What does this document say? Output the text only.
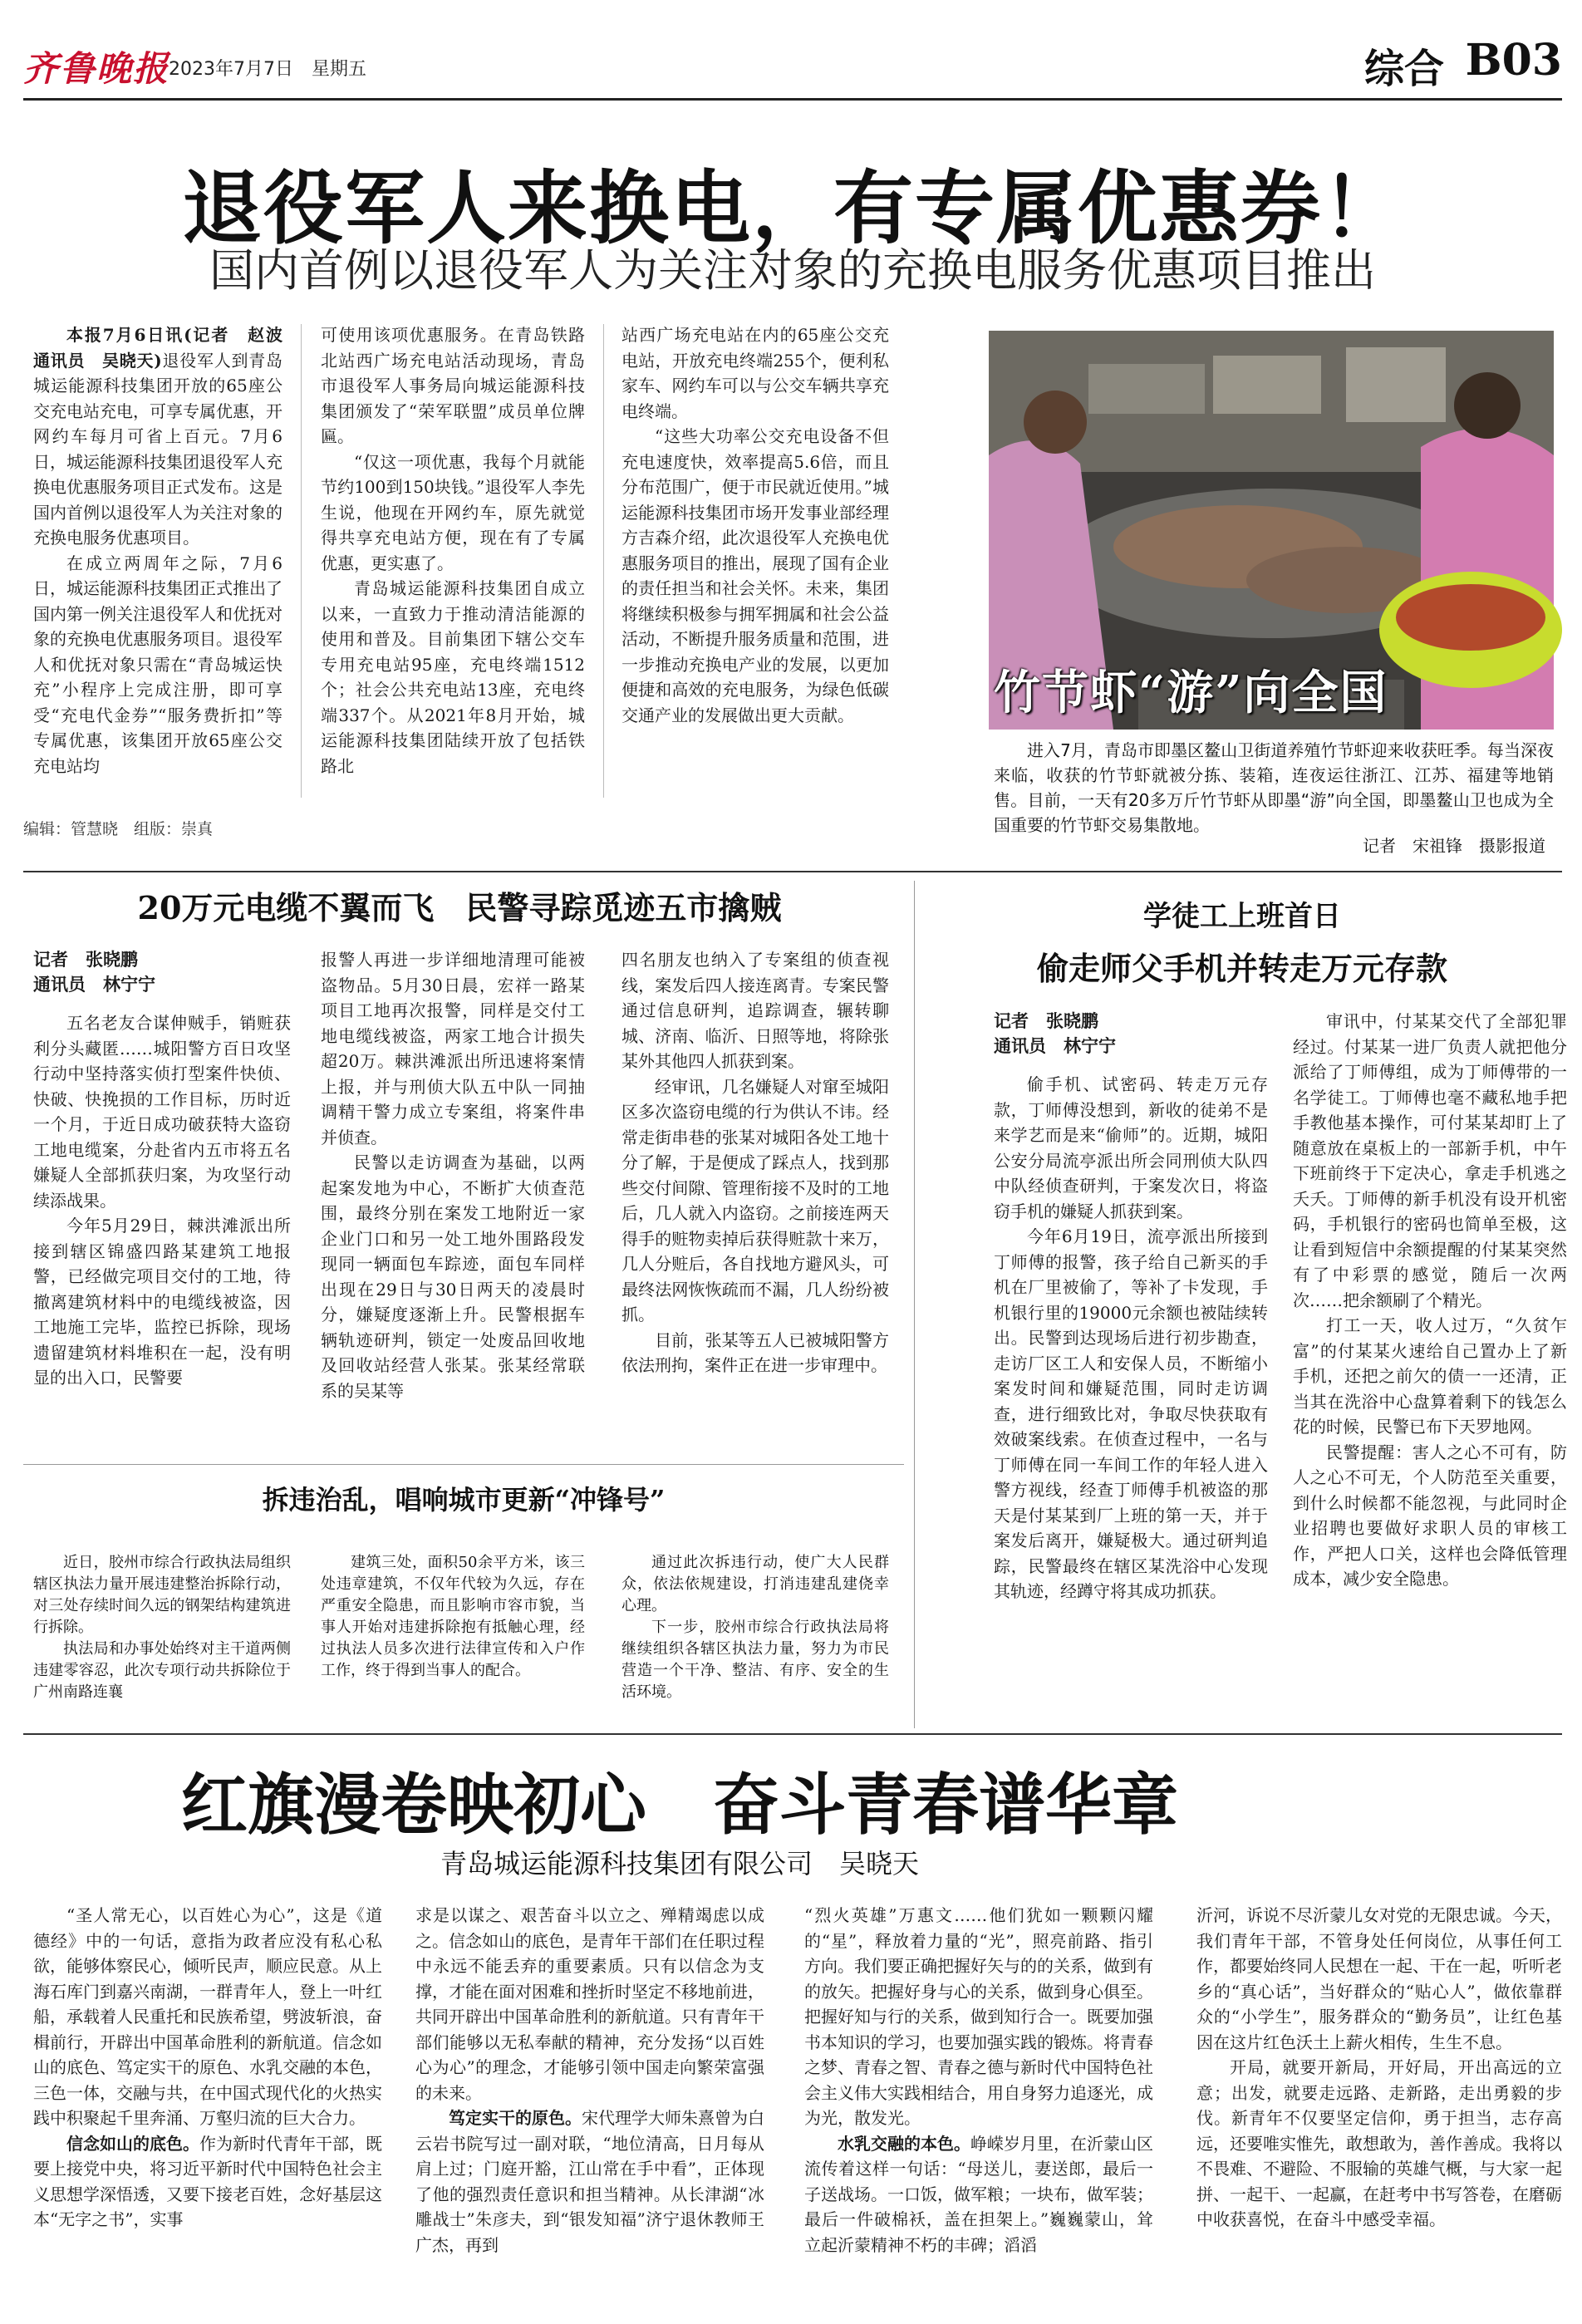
齐鲁晚报
2023年7月7日　星期五	综合 B03
退役军人来换电，有专属优惠券！
国内首例以退役军人为关注对象的充换电服务优惠项目推出

本报7月6日讯(记者　赵波　通讯员　吴晓天)退役军人到青岛城运能源科技集团开放的65座公交充电站充电，可享专属优惠，开网约车每月可省上百元。7月6日，城运能源科技集团退役军人充换电优惠服务项目正式发布。这是国内首例以退役军人为关注对象的充换电服务优惠项目。

在成立两周年之际，7月6日，城运能源科技集团正式推出了国内第一例关注退役军人和优抚对象的充换电优惠服务项目。退役军人和优抚对象只需在“青岛城运快充”小程序上完成注册，即可享受“充电代金券”“服务费折扣”等专属优惠，该集团开放65座公交充电站均

可使用该项优惠服务。在青岛铁路北站西广场充电站活动现场，青岛市退役军人事务局向城运能源科技集团颁发了“荣军联盟”成员单位牌匾。

“仅这一项优惠，我每个月就能节约100到150块钱。”退役军人李先生说，他现在开网约车，原先就觉得共享充电站方便，现在有了专属优惠，更实惠了。

青岛城运能源科技集团自成立以来，一直致力于推动清洁能源的使用和普及。目前集团下辖公交车专用充电站95座，充电终端1512个；社会公共充电站13座，充电终端337个。从2021年8月开始，城运能源科技集团陆续开放了包括铁路北

站西广场充电站在内的65座公交充电站，开放充电终端255个，便利私家车、网约车可以与公交车辆共享充电终端。

“这些大功率公交充电设备不但充电速度快，效率提高5.6倍，而且分布范围广，便于市民就近使用。”城运能源科技集团市场开发事业部经理方吉森介绍，此次退役军人充换电优惠服务项目的推出，展现了国有企业的责任担当和社会关怀。未来，集团将继续积极参与拥军拥属和社会公益活动，不断提升服务质量和范围，进一步推动充换电产业的发展，以更加便捷和高效的充电服务，为绿色低碳交通产业的发展做出更大贡献。	竹节虾“游”向全国

进入7月，青岛市即墨区鳌山卫街道养殖竹节虾迎来收获旺季。每当深夜来临，收获的竹节虾就被分拣、装箱，连夜运往浙江、江苏、福建等地销售。目前，一天有20多万斤竹节虾从即墨“游”向全国，即墨鳌山卫也成为全国重要的竹节虾交易集散地。

记者　宋祖锋　摄影报道
编辑：管慧晓　组版：崇真
20万元电缆不翼而飞　民警寻踪觅迹五市擒贼
记者　张晓鹏
通讯员　林宁宁

五名老友合谋伸贼手，销赃获利分头藏匿……城阳警方百日攻坚行动中坚持落实侦打型案件快侦、快破、快挽损的工作目标，历时近一个月，于近日成功破获特大盗窃工地电缆案，分赴省内五市将五名嫌疑人全部抓获归案，为攻坚行动续添战果。

今年5月29日，棘洪滩派出所接到辖区锦盛四路某建筑工地报警，已经做完项目交付的工地，待撤离建筑材料中的电缆线被盗，因工地施工完毕，监控已拆除，现场遗留建筑材料堆积在一起，没有明显的出入口，民警要

报警人再进一步详细地清理可能被盗物品。5月30日晨，宏祥一路某项目工地再次报警，同样是交付工地电缆线被盗，两家工地合计损失超20万。棘洪滩派出所迅速将案情上报，并与刑侦大队五中队一同抽调精干警力成立专案组，将案件串并侦查。

民警以走访调查为基础，以两起案发地为中心，不断扩大侦查范围，最终分别在案发工地附近一家企业门口和另一处工地外围路段发现同一辆面包车踪迹，面包车同样出现在29日与30日两天的凌晨时分，嫌疑度逐渐上升。民警根据车辆轨迹研判，锁定一处废品回收地及回收站经营人张某。张某经常联系的吴某等

四名朋友也纳入了专案组的侦查视线，案发后四人接连离青。专案民警通过信息研判，追踪调查，辗转聊城、济南、临沂、日照等地，将除张某外其他四人抓获到案。

经审讯，几名嫌疑人对窜至城阳区多次盗窃电缆的行为供认不讳。经常走街串巷的张某对城阳各处工地十分了解，于是便成了踩点人，找到那些交付间隙、管理衔接不及时的工地后，几人就入内盗窃。之前接连两天得手的赃物卖掉后获得赃款十来万，几人分赃后，各自找地方避风头，可最终法网恢恢疏而不漏，几人纷纷被抓。

目前，张某等五人已被城阳警方依法刑拘，案件正在进一步审理中。

拆违治乱，唱响城市更新“冲锋号”

近日，胶州市综合行政执法局组织辖区执法力量开展违建整治拆除行动，对三处存续时间久远的钢架结构建筑进行拆除。

执法局和办事处始终对主干道两侧违建零容忍，此次专项行动共拆除位于广州南路连襄

建筑三处，面积50余平方米，该三处违章建筑，不仅年代较为久远，存在严重安全隐患，而且影响市容市貌，当事人开始对违建拆除抱有抵触心理，经过执法人员多次进行法律宣传和入户作工作，终于得到当事人的配合。

通过此次拆违行动，使广大人民群众，依法依规建设，打消违建乱建侥幸心理。

下一步，胶州市综合行政执法局将继续组织各辖区执法力量，努力为市民营造一个干净、整洁、有序、安全的生活环境。

学徒工上班首日
偷走师父手机并转走万元存款
记者　张晓鹏
通讯员　林宁宁

偷手机、试密码、转走万元存款，丁师傅没想到，新收的徒弟不是来学艺而是来“偷师”的。近期，城阳公安分局流亭派出所会同刑侦大队四中队经侦查研判，于案发次日，将盗窃手机的嫌疑人抓获到案。

今年6月19日，流亭派出所接到丁师傅的报警，孩子给自己新买的手机在厂里被偷了，等补了卡发现，手机银行里的19000元余额也被陆续转出。民警到达现场后进行初步勘查，走访厂区工人和安保人员，不断缩小案发时间和嫌疑范围，同时走访调查，进行细致比对，争取尽快获取有效破案线索。在侦查过程中，一名与丁师傅在同一车间工作的年轻人进入警方视线，经查丁师傅手机被盗的那天是付某某到厂上班的第一天，并于案发后离开，嫌疑极大。通过研判追踪，民警最终在辖区某洗浴中心发现其轨迹，经蹲守将其成功抓获。

审讯中，付某某交代了全部犯罪经过。付某某一进厂负责人就把他分派给了丁师傅组，成为丁师傅带的一名学徒工。丁师傅也毫不藏私地手把手教他基本操作，可付某某却盯上了随意放在桌板上的一部新手机，中午下班前终于下定决心，拿走手机逃之夭夭。丁师傅的新手机没有设开机密码，手机银行的密码也简单至极，这让看到短信中余额提醒的付某某突然有了中彩票的感觉，随后一次两次……把余额刷了个精光。

打工一天，收人过万，“久贫乍富”的付某某火速给自己置办上了新手机，还把之前欠的债一一还清，正当其在洗浴中心盘算着剩下的钱怎么花的时候，民警已布下天罗地网。

民警提醒：害人之心不可有，防人之心不可无，个人防范至关重要，到什么时候都不能忽视，与此同时企业招聘也要做好求职人员的审核工作，严把人口关，这样也会降低管理成本，减少安全隐患。

红旗漫卷映初心　奋斗青春谱华章
青岛城运能源科技集团有限公司　吴晓天

“圣人常无心，以百姓心为心”，这是《道德经》中的一句话，意指为政者应没有私心私欲，能够体察民心，倾听民声，顺应民意。从上海石库门到嘉兴南湖，一群青年人，登上一叶红船，承载着人民重托和民族希望，劈波斩浪，奋楫前行，开辟出中国革命胜利的新航道。信念如山的底色、笃定实干的原色、水乳交融的本色，三色一体，交融与共，在中国式现代化的火热实践中积聚起千里奔涌、万壑归流的巨大合力。

信念如山的底色。作为新时代青年干部，既要上接党中央，将习近平新时代中国特色社会主义思想学深悟透，又要下接老百姓，念好基层这本“无字之书”，实事

求是以谋之、艰苦奋斗以立之、殚精竭虑以成之。信念如山的底色，是青年干部们在任职过程中永远不能丢弃的重要素质。只有以信念为支撑，才能在面对困难和挫折时坚定不移地前进，共同开辟出中国革命胜利的新航道。只有青年干部们能够以无私奉献的精神，充分发扬“以百姓心为心”的理念，才能够引领中国走向繁荣富强的未来。

笃定实干的原色。宋代理学大师朱熹曾为白云岩书院写过一副对联，“地位清高，日月每从肩上过；门庭开豁，江山常在手中看”，正体现了他的强烈责任意识和担当精神。从长津湖“冰雕战士”朱彦夫，到“银发知福”济宁退休教师王广杰，再到

“烈火英雄”万惠文……他们犹如一颗颗闪耀的“星”，释放着力量的“光”，照亮前路、指引方向。我们要正确把握好矢与的的关系，做到有的放矢。把握好身与心的关系，做到身心俱至。把握好知与行的关系，做到知行合一。既要加强书本知识的学习，也要加强实践的锻炼。将青春之梦、青春之智、青春之德与新时代中国特色社会主义伟大实践相结合，用自身努力追逐光，成为光，散发光。

水乳交融的本色。峥嵘岁月里，在沂蒙山区流传着这样一句话：“母送儿，妻送郎，最后一子送战场。一口饭，做军粮；一块布，做军装；最后一件破棉袄，盖在担架上。”巍巍蒙山，耸立起沂蒙精神不朽的丰碑；滔滔

沂河，诉说不尽沂蒙儿女对党的无限忠诚。今天，我们青年干部，不管身处任何岗位，从事任何工作，都要始终同人民想在一起、干在一起，听听老乡的“真心话”，当好群众的“贴心人”，做依靠群众的“小学生”，服务群众的“勤务员”，让红色基因在这片红色沃土上薪火相传，生生不息。

开局，就要开新局，开好局，开出高远的立意；出发，就要走远路、走新路，走出勇毅的步伐。新青年不仅要坚定信仰，勇于担当，志存高远，还要唯实惟先，敢想敢为，善作善成。我将以不畏难、不避险、不服输的英雄气概，与大家一起拼、一起干、一起赢，在赶考中书写答卷，在磨砺中收获喜悦，在奋斗中感受幸福。
